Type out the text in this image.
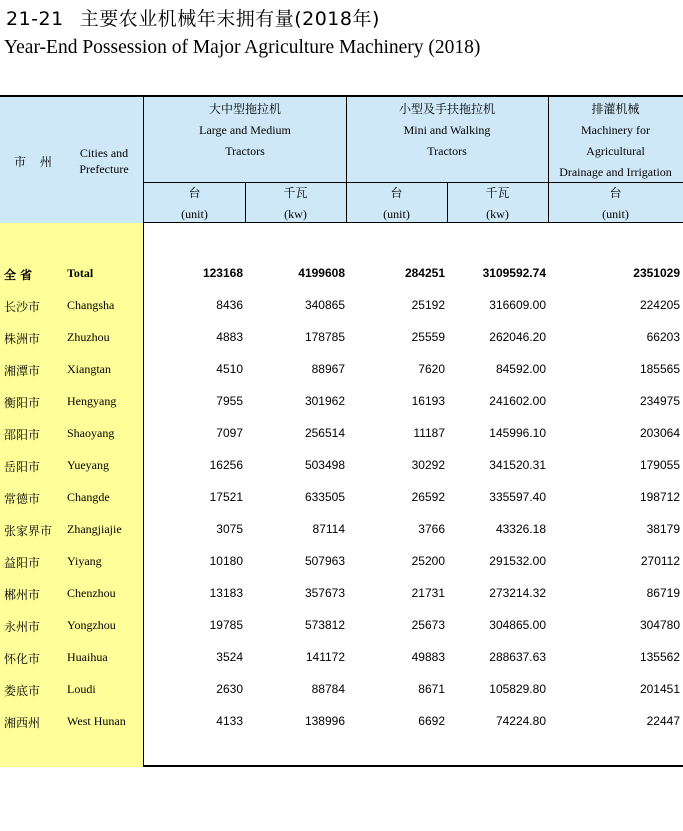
21-21 主要农业机械年末拥有量(2018年)
Year-End Possession of Major Agriculture Machinery (2018)
市 州
Cities and
Prefecture
大中型拖拉机
Large and Medium
Tractors
小型及手扶拖拉机
Mini and Walking
Tractors
排灌机械
Machinery for
Agricultural
Drainage and Irrigation
台
(unit)
千瓦
(kw)
台
(unit)
千瓦
(kw)
台
(unit)
全 省	Total	123168	4199608	284251	3109592.74	2351029
长沙市 Changsha	8436	340865	25192	316609.00	224205
株洲市 Zhuzhou	4883	178785	25559	262046.20	66203
湘潭市 Xiangtan	4510	88967	7620	84592.00	185565
衡阳市 Hengyang	7955	301962	16193	241602.00	234975
邵阳市 Shaoyang	7097	256514	11187	145996.10	203064
岳阳市 Yueyang	16256	503498	30292	341520.31	179055
常德市 Changde	17521	633505	26592	335597.40	198712
张家界市 Zhangjiajie	3075	87114	3766	43326.18	38179
益阳市 Yiyang	10180	507963	25200	291532.00	270112
郴州市 Chenzhou	13183	357673	21731	273214.32	86719
永州市 Yongzhou	19785	573812	25673	304865.00	304780
怀化市 Huaihua	3524	141172	49883	288637.63	135562
娄底市 Loudi	2630	88784	8671	105829.80	201451
湘西州 West Hunan	4133	138996	6692	74224.80	22447
